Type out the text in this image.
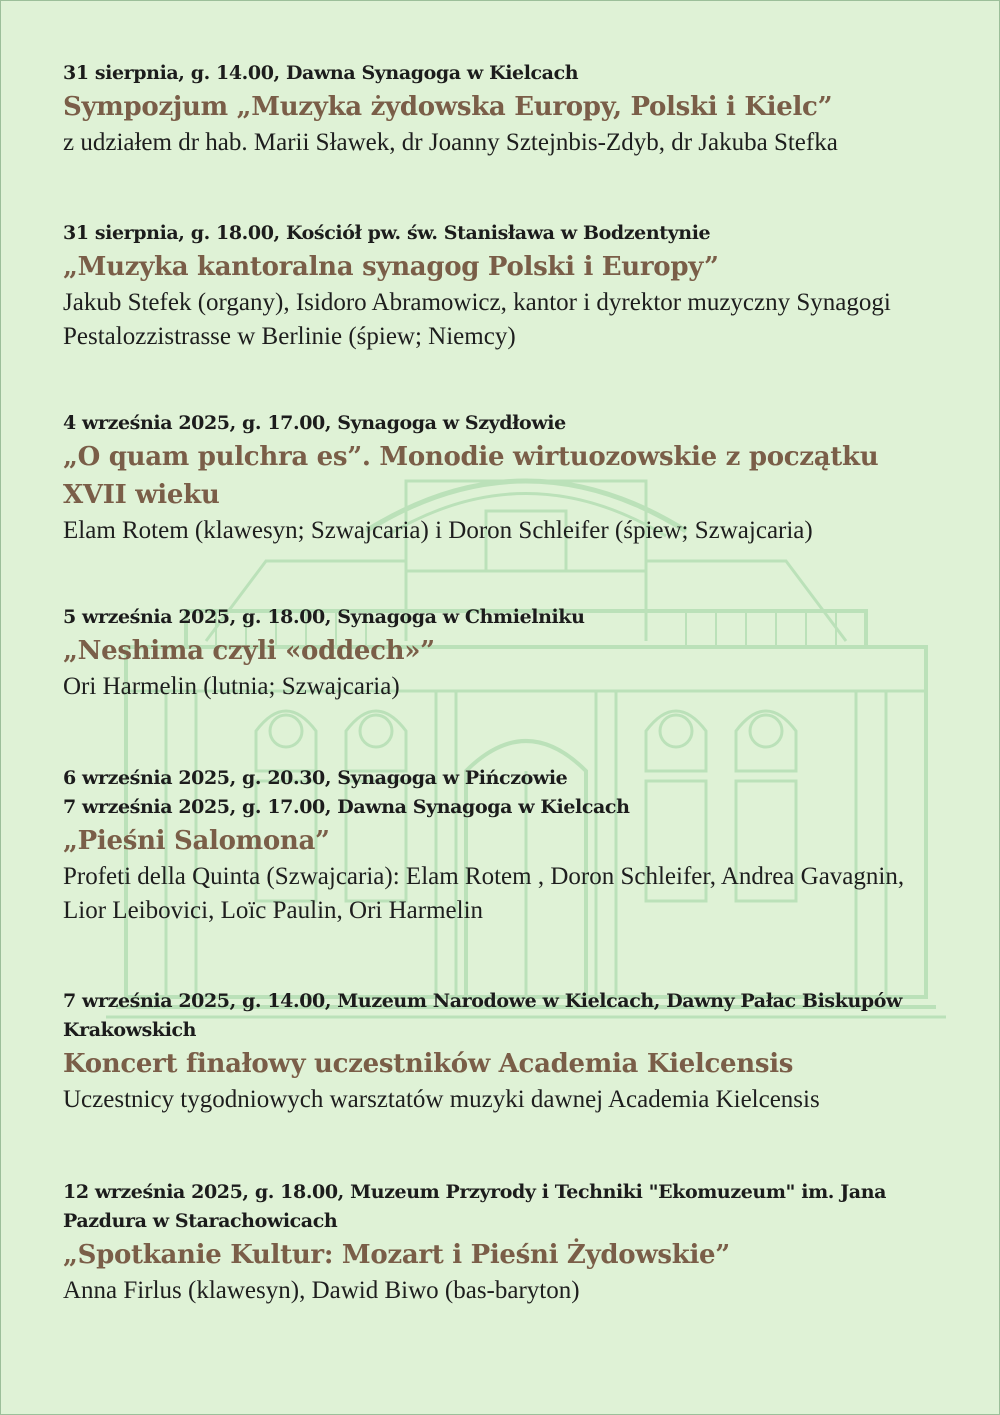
31 sierpnia, g. 14.00, Dawna Synagoga w Kielcach

Sympozjum „Muzyka żydowska Europy, Polski i Kielc”

z udziałem dr hab. Marii Sławek, dr Joanny Sztejnbis-Zdyb, dr Jakuba Stefka

31 sierpnia, g. 18.00, Kościół pw. św. Stanisława w Bodzentynie

„Muzyka kantoralna synagog Polski i Europy”

Jakub Stefek (organy), Isidoro Abramowicz, kantor i dyrektor muzyczny Synagogi Pestalozzistrasse w Berlinie (śpiew; Niemcy)

4 września 2025, g. 17.00, Synagoga w Szydłowie

„O quam pulchra es”. Monodie wirtuozowskie z początku XVII wieku

Elam Rotem (klawesyn; Szwajcaria) i Doron Schleifer (śpiew; Szwajcaria)

5 września 2025, g. 18.00, Synagoga w Chmielniku

„Neshima czyli «oddech»”

Ori Harmelin (lutnia; Szwajcaria)

6 września 2025, g. 20.30, Synagoga w Pińczowie

7 września 2025, g. 17.00, Dawna Synagoga w Kielcach

„Pieśni Salomona”

Profeti della Quinta (Szwajcaria): Elam Rotem , Doron Schleifer, Andrea Gavagnin, Lior Leibovici, Loïc Paulin, Ori Harmelin

7 września 2025, g. 14.00, Muzeum Narodowe w Kielcach, Dawny Pałac Biskupów Krakowskich

Koncert finałowy uczestników Academia Kielcensis

Uczestnicy tygodniowych warsztatów muzyki dawnej Academia Kielcensis

12 września 2025, g. 18.00, Muzeum Przyrody i Techniki "Ekomuzeum" im. Jana Pazdura w Starachowicach

„Spotkanie Kultur: Mozart i Pieśni Żydowskie”

Anna Firlus (klawesyn), Dawid Biwo (bas-baryton)
